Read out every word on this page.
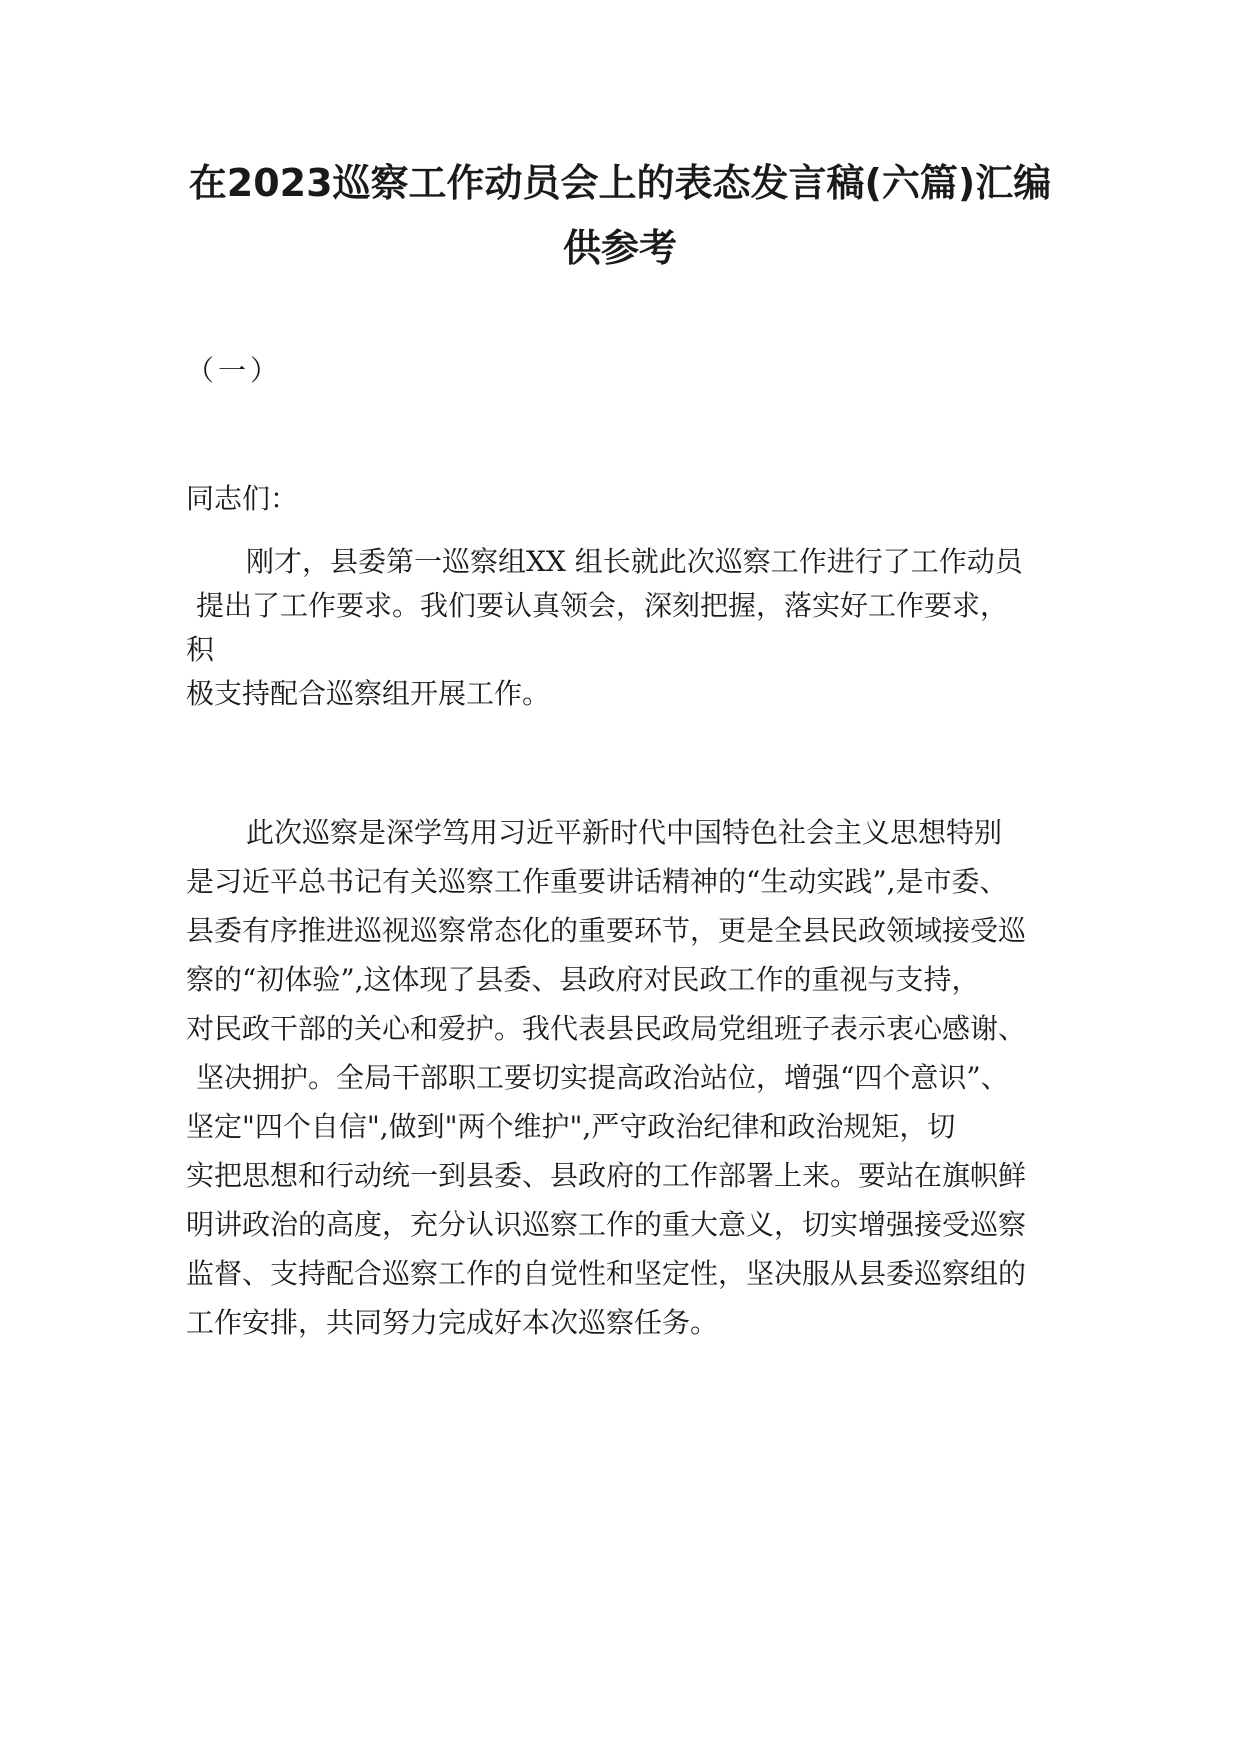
在2023巡察工作动员会上的表态发言稿(六篇)汇编
供参考
（一）
同志们：
刚才，县委第一巡察组XX 组长就此次巡察工作进行了工作动员
提出了工作要求。我们要认真领会，深刻把握，落实好工作要求，
积
极支持配合巡察组开展工作。
此次巡察是深学笃用习近平新时代中国特色社会主义思想特别
是习近平总书记有关巡察工作重要讲话精神的“生动实践”,是市委、
县委有序推进巡视巡察常态化的重要环节，更是全县民政领域接受巡
察的“初体验”,这体现了县委、县政府对民政工作的重视与支持，
对民政干部的关心和爱护。我代表县民政局党组班子表示衷心感谢、
坚决拥护。全局干部职工要切实提高政治站位，增强“四个意识”、
坚定"四个自信",做到"两个维护",严守政治纪律和政治规矩，切
实把思想和行动统一到县委、县政府的工作部署上来。要站在旗帜鲜
明讲政治的高度，充分认识巡察工作的重大意义，切实增强接受巡察
监督、支持配合巡察工作的自觉性和坚定性，坚决服从县委巡察组的
工作安排，共同努力完成好本次巡察任务。
